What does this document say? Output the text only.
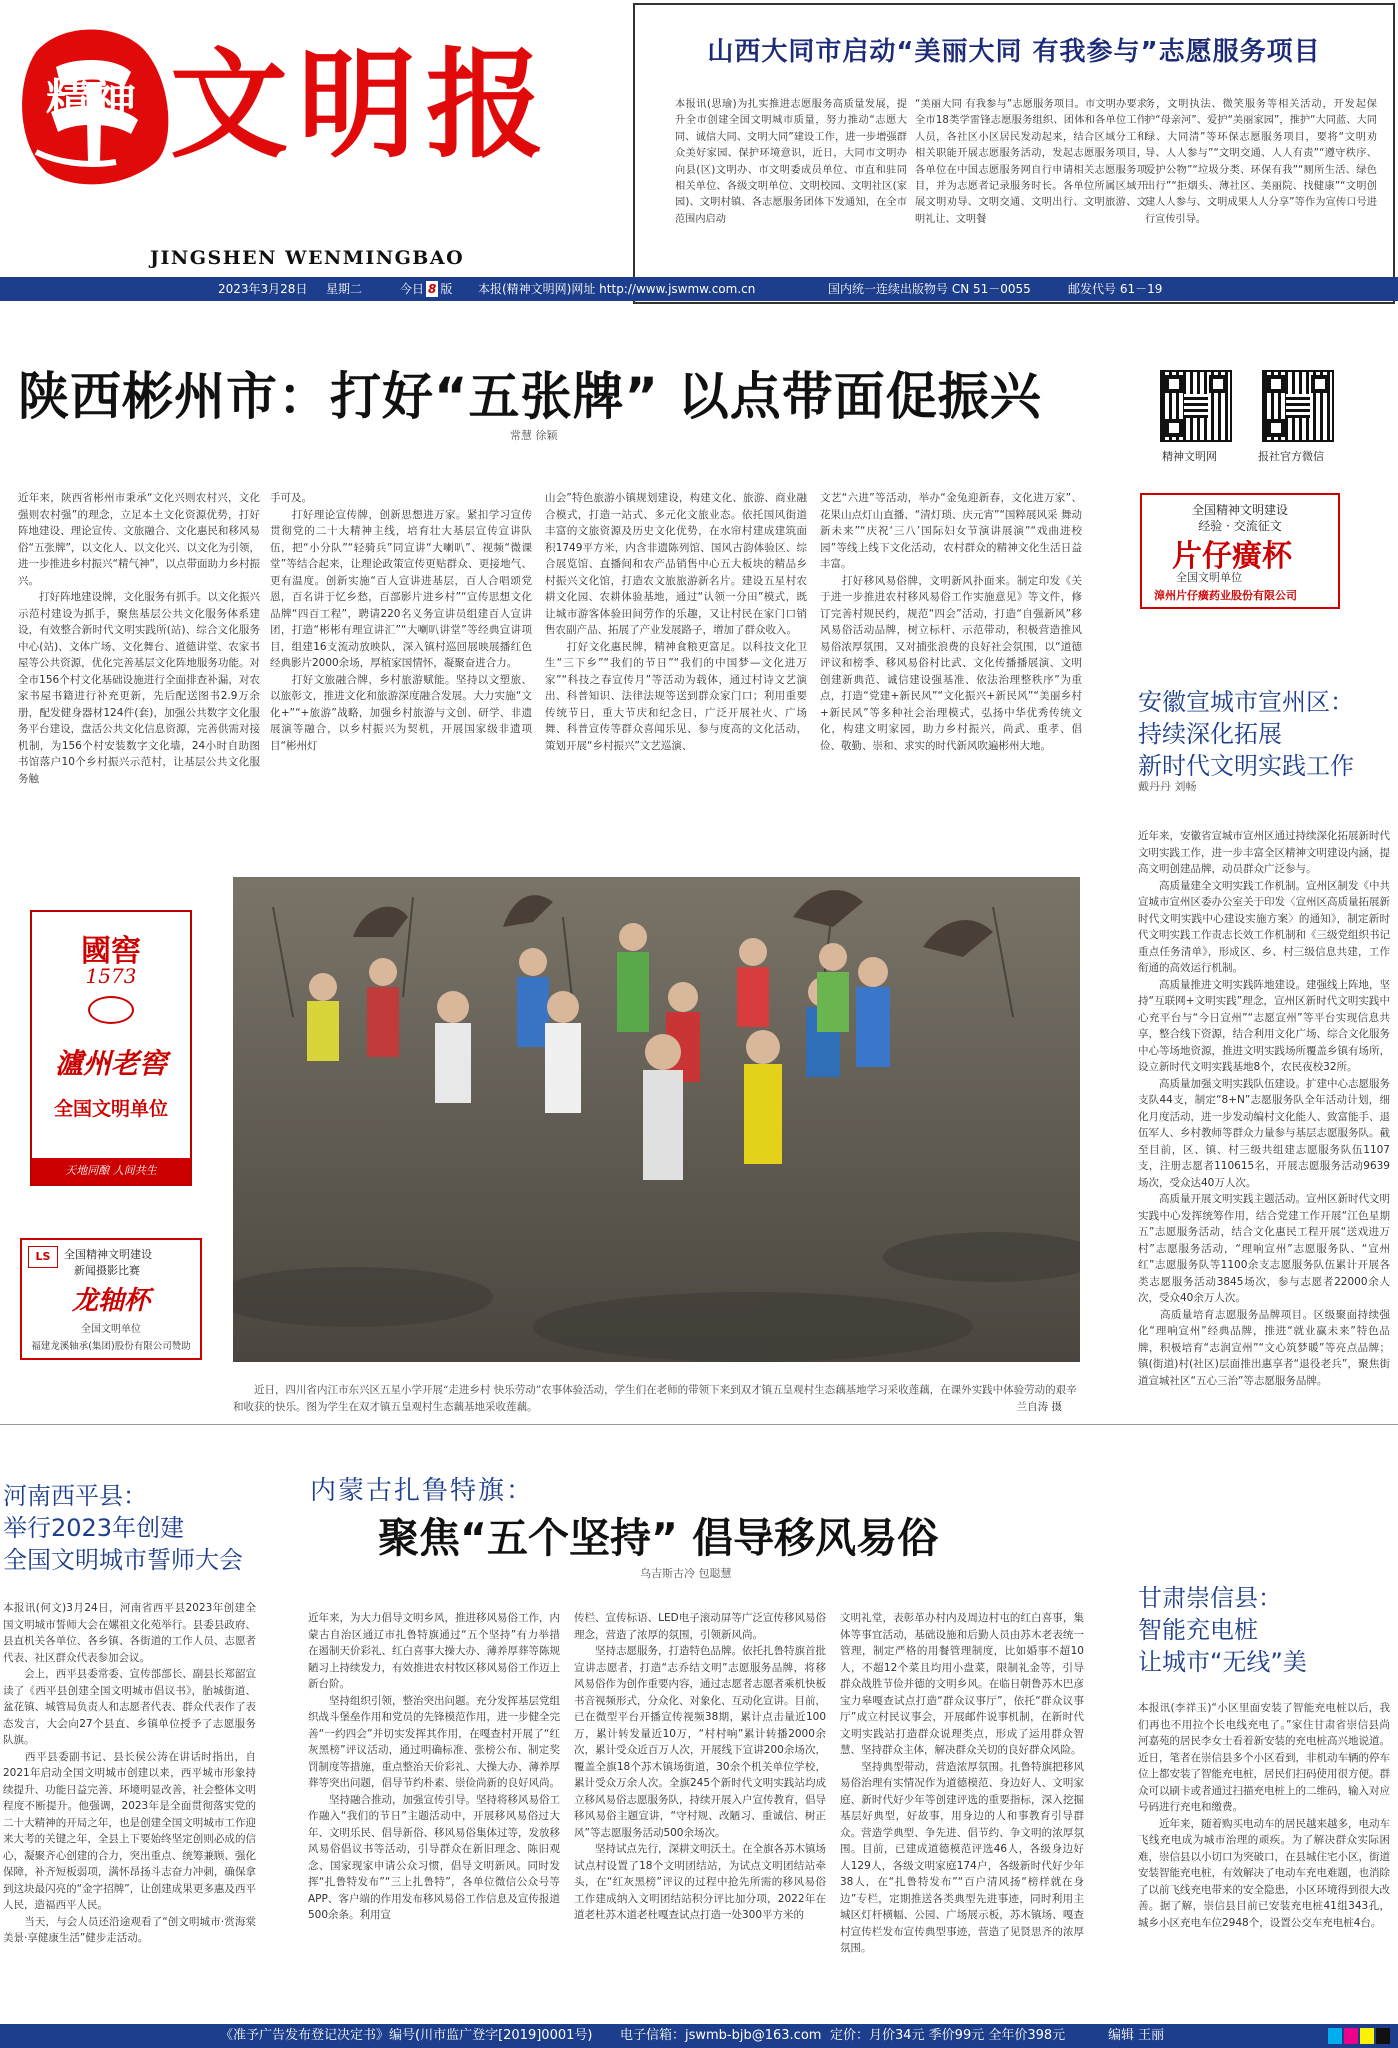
精神 文明报
JINGSHEN WENMINGBAO
山西大同市启动“美丽大同 有我参与”志愿服务项目
本报讯(思瑜)为扎实推进志愿服务高质量发展，提升全市创建全国文明城市质量，努力推动“志愿大同、诚信大同、文明大同”建设工作，进一步增强群众美好家园、保护环境意识，近日，大同市文明办向县(区)文明办、市文明委成员单位、市直和驻同相关单位、各级文明单位、文明校园、文明社区(家园)、文明村镇、各志愿服务团体下发通知，在全市范围内启动
“美丽大同 有我参与”志愿服务项目。市文明办要求全市18类学雷锋志愿服务组织、团体和各单位工作人员，各社区小区居民发动起来，结合区域分工和相关职能开展志愿服务活动，发起志愿服务项目，各单位在中国志愿服务网自行申请相关志愿服务项目，并为志愿者记录服务时长。各单位所属区域开展文明劝导、文明交通、文明出行、文明旅游、文明礼让、文明餐
务，文明执法、微笑服务等相关活动，开发起保护“母亲河”、爱护“美丽家园”，推护“大同蓝、大同绿、大同清”等环保志愿服务项目，要将“文明劝导、人人参与”“文明交通、人人有责”“遵守秩序、爱护公物”“垃圾分类、环保有我”“厕所生活、绿色出行”“拒烟头、薄社区、美丽院、找健康”“文明创建人人参与、文明成果人人分享”等作为宣传口号进行宣传引导。
2023年3月28日 星期二	今日 8 版 本报(精神文明网)网址 http://www.jswmw.com.cn	国内统一连续出版物号 CN 51－0055	邮发代号 61－19
陕西彬州市：打好“五张牌” 以点带面促振兴
常慧 徐颖
近年来，陕西省彬州市秉承“文化兴则农村兴，文化强则农村强”的理念，立足本土文化资源优势，打好阵地建设、理论宣传、文旅融合、文化惠民和移风易俗“五张牌”，以文化人、以文化兴、以文化为引领，进一步推进乡村振兴“精气神”，以点带面助力乡村振兴。
　　打好阵地建设牌，文化服务有抓手。以文化振兴示范村建设为抓手，聚焦基层公共文化服务体系建设，有效整合新时代文明实践所(站)、综合文化服务中心(站)、文体广场、文化舞台、道德讲堂、农家书屋等公共资源，优化完善基层文化阵地服务功能。对全市156个村文化基础设施进行全面排查补漏，对农家书屋书籍进行补充更新，先后配送图书2.9万余册，配发健身器材124件(套)，加强公共数字文化服务平台建设，盘活公共文化信息资源，完善供需对接机制，为156个村安装数字文化墙，24小时自助图书馆落户10个乡村振兴示范村，让基层公共文化服务触
手可及。
　　打好理论宣传牌，创新思想进万家。紧扣学习宣传贯彻党的二十大精神主线，培育壮大基层宣传宣讲队伍，把“小分队”“轻骑兵”同宣讲“大喇叭”、视频“微课堂”等结合起来，让理论政策宣传更贴群众、更接地气、更有温度。创新实施“百人宣讲进基层，百人合唱颂党恩，百名讲于忆乡愁，百部影片进乡村”“宣传思想文化品牌“四百工程”，聘请220名义务宣讲员组建百人宣讲团，打造“彬彬有理宣讲汇”“大喇叭讲堂”等经典宣讲项目，组建16支流动放映队，深入镇村巡回展映展播红色经典影片2000余场，厚植家国情怀，凝聚奋进合力。
　　打好文旅融合牌，乡村旅游赋能。坚持以文塑旅、以旅彰文，推进文化和旅游深度融合发展。大力实施“文化+”“+旅游”战略，加强乡村旅游与文创、研学、非遗展演等融合，以乡村振兴为契机，开展国家级非遗项目“彬州灯
山会”特色旅游小镇规划建设，构建文化、旅游、商业融合模式，打造一站式、多元化文旅业态。依托国风街道丰富的文旅资源及历史文化优势，在水帘村建成建筑面积1749平方米，内含非遗陈列馆、国风古韵体验区、综合展览馆、直播间和农产品销售中心五大板块的精品乡村振兴文化馆，打造农文旅旅游新名片。建设五星村农耕文化园、农耕体验基地，通过“认领一分田”模式，既让城市游客体验田间劳作的乐趣，又让村民在家门口销售农副产品、拓展了产业发展路子，增加了群众收入。
　　打好文化惠民牌，精神食粮更富足。以科技文化卫生“三下乡”“我们的节日”“我们的中国梦—文化进万家”“科技之春宣传月”等活动为载体，通过村诗文艺演出、科普知识、法律法规等送到群众家门口；利用重要传统节日，重大节庆和纪念日，广泛开展社火、广场舞、科普宣传等群众喜闻乐见、参与度高的文化活动，策划开展“乡村振兴”文艺巡演、
文艺“六进”等活动，举办“金兔迎新春，文化进万家”、花果山点灯山直播、“清灯琐、庆元宵”“国粹展风采 舞动新未来”“庆祝‘三八’国际妇女节演讲展演”“戏曲进校园”等线上线下文化活动，农村群众的精神文化生活日益丰富。
　　打好移风易俗牌，文明新风扑面来。制定印发《关于进一步推进农村移风易俗工作实施意见》等文件，修订完善村规民约，规范“四会”活动，打造“自强新风”移风易俗活动品牌，树立标杆、示范带动，积极营造推风易俗浓厚氛围，又对捕张浪费的良好社会氛围，以“道德评议和榜季、移风易俗村比武、文化传播播展演、文明创建新典范、诚信建设强基准、依法治理整秩序”为重点，打造“党建+新民风”“文化振兴+新民风”“美丽乡村+新民风”等多种社会治理模式，弘扬中华优秀传统文化，构建文明家园，助力乡村振兴，尚武、重孝、倡俭、敬勤、崇和、求实的时代新风吹遍彬州大地。
精神文明网	报社官方微信
全国精神文明建设
经验 · 交流征文
片仔癀杯
全国文明单位
漳州片仔癀药业股份有限公司
安徽宣城市宣州区：
持续深化拓展
新时代文明实践工作
戴丹丹 刘畅
近年来，安徽省宣城市宣州区通过持续深化拓展新时代文明实践工作，进一步丰富全区精神文明建设内涵，提高文明创建品牌，动员群众广泛参与。
　　高质量建全文明实践工作机制。宣州区制发《中共宣城市宣州区委办公室关于印发〈宣州区高质量拓展新时代文明实践中心建设实施方案〉的通知》，制定新时代文明实践工作责志长效工作机制和《三级党组织书记重点任务清单》，形成区、乡、村三级信息共建，工作衔通的高效运行机制。
　　高质量推进文明实践阵地建设。建强线上阵地，坚持“互联网+文明实践”理念，宣州区新时代文明实践中心充平台与“今日宣州”“志愿宣州”等平台实现信息共享，整合线下资源，结合利用文化广场、综合文化服务中心等场地资源，推进文明实践场所覆盖乡镇有场所，设立新时代文明实践基地8个，农民夜校32所。
　　高质量加强文明实践队伍建设。扩建中心志愿服务支队44支，制定“8+N”志愿服务队全年活动计划，细化月度活动，进一步发动编村文化能人、致富能手、退伍军人、乡村教师等群众力量参与基层志愿服务队。截至目前，区、镇、村三级共组建志愿服务队伍1107支，注册志愿者110615名，开展志愿服务活动9639场次，受众达40万人次。
　　高质量开展文明实践主题活动。宣州区新时代文明实践中心发挥统筹作用，结合党建工作开展“江色星期五”志愿服务活动，结合文化惠民工程开展“送戏进万村”志愿服务活动，“理响宣州”志愿服务队、“宣州红”志愿服务队等1100余支志愿服务队伍累计开展各类志愿服务活动3845场次，参与志愿者22000余人次，受众40余万人次。
　　高质量培育志愿服务品牌项目。区级聚面持续强化“理响宣州”经典品牌，推进“就业赢未来”特色品牌，积极培育“志润宣州”“文心筑梦暖”等亮点品牌；镇(街道)村(社区)层面推出惠享者“退役老兵”，聚焦街道宣城社区“五心三治”等志愿服务品牌。
國窖
1573
瀘州老窖
全国文明单位
天地同酿 人间共生
LS	全国精神文明建设
新闻摄影比赛
龙轴杯
全国文明单位
福建龙溪轴承(集团)股份有限公司赞助
　　近日，四川省内江市东兴区五星小学开展“走进乡村 快乐劳动”农事体验活动，学生们在老师的带领下来到双才镇五皇观村生态藕基地学习采收莲藕，在课外实践中体验劳动的艰辛和收获的快乐。图为学生在双才镇五皇观村生态藕基地采收莲藕。	兰自涛 摄
河南西平县：
举行2023年创建
全国文明城市誓师大会
本报讯(何文)3月24日，河南省西平县2023年创建全国文明城市誓师大会在嫘祖文化苑举行。县委县政府、县直机关各单位、各乡镇、各街道的工作人员、志愿者代表、社区群众代表参加会议。
　　会上，西平县委常委、宣传部部长、副县长郑韶宣读了《西平县创建全国文明城市倡议书》，胎城街道、盆花镇、城管局负责人和志愿者代表、群众代表作了表态发言，大会向27个县直、乡镇单位授予了志愿服务队旗。
　　西平县委副书记、县长侯公涛在讲话时指出，自2021年启动全国文明城市创建以来，西平城市形象持续提升、功能日益完善、环境明显改善，社会整体文明程度不断提升。他强调，2023年是全面贯彻落实党的二十大精神的开局之年，也是创建全国文明城市工作迎来大考的关键之年，全县上下要始终坚定创则必成的信心，凝聚齐心创建的合力，突出重点、统筹兼顾、强化保障，补齐短板弱项，满怀昂扬斗志奋力冲刺，确保拿到这块最闪亮的“金字招牌”，让创建成果更多惠及西平人民，造福西平人民。
　　当天，与会人员还沿途观看了“创文明城市·赏海棠美景·享健康生活”健步走活动。
内蒙古扎鲁特旗：
聚焦“五个坚持” 倡导移风易俗
乌吉斯古冷 包聪慧
近年来，为大力倡导文明乡风，推进移风易俗工作，内蒙古自治区通辽市扎鲁特旗通过“五个坚持”有力举措在遏制天价彩礼、红白喜事大操大办、薄养厚葬等陈规陋习上持续发力，有效推进农村牧区移风易俗工作迈上新台阶。
　　坚持组织引领，整治突出问题。充分发挥基层党组织战斗堡垒作用和党员的先锋模范作用，进一步健全完善“一约四会”并切实发挥其作用，在嘎查村开展了“红灰黑榜”评议活动，通过明确标准、张榜公布、制定奖罚制度等措施，重点整治天价彩礼、大操大办、薄养厚葬等突出问题，倡导节约朴素、崇俭尚新的良好风尚。
　　坚持融合推动，加强宣传引导。坚持将移风易俗工作融入“我们的节日”主题活动中，开展移风易俗过大年、文明乐民、倡导新俗、移风易俗集体过等，发放移风易俗倡议书等活动，引导群众在新旧理念、陈旧观念、国家现家申请公众习惯，倡导文明新风。同时发挥“扎鲁特发布”“三上扎鲁特”，各单位微信公众号等APP、客户端的作用发布移风易俗工作信息及宣传报道500余条。利用宣
传栏、宣传标语、LED电子滚动屏等广泛宣传移风易俗理念，营造了浓厚的氛围，引领新风尚。
　　坚持志愿服务，打造特色品牌。依托扎鲁特旗首批宣讲志愿者，打造“志乔结文明”志愿服务品牌，将移风易俗作为创作重要内容，通过志愿者志愿者乘机快板书音视频形式，分众化、对象化、互动化宣讲。目前，已在微型平台开播宣传视频38期，累计点击量近100万，累计转发量近10万，“村村响”累计转播2000余次，累计受众近百万人次，开展线下宣讲200余场次，覆盖全旗18个苏木镇场街道，30余个机关单位学校，累计受众万余人次。全旗245个新时代文明实践站均成立移风易俗志愿服务队，持续开展入户宣传教育，倡导移风易俗主题宣讲，“守村规、改陋习、重诚信、树正风”等志愿服务活动500余场次。
　　坚持试点先行，深耕文明沃土。在全旗各苏木镇场试点村设置了18个文明团结站，为试点文明团结站牵头，在“红灰黑榜”评议的过程中抢先所需的移风易俗工作建成纳入文明团结站积分评比加分项，2022年在道老杜苏木道老杜嘎查试点打造一处300平方米的
文明礼堂，表彰革办村内及周边村屯的红白喜事，集体等事宜活动，基础设施和后勤人员由苏木老表统一管理，制定严格的用餐管理制度，比如婚事不超10人，不超12个菜且均用小盘菜，限制礼金等，引导群众战胜节俭并德的文明乡风。在临日朝鲁苏木巴彦宝力皋嘎查试点打造“群众议事厅”，依托“群众议事厅”成立村民议事会，开展邮件说事机制，在新时代文明实践站打造群众说理类点，形成了运用群众智慧、坚持群众主体，解决群众关切的良好群众风险。
　　坚持典型带动，营造浓厚氛围。扎鲁特旗把移风易俗治理有实情况作为道德模范、身边好人、文明家庭、新时代好少年等创建评选的重要指标，深入挖掘基层好典型，好故事，用身边的人和事教育引导群众。营造学典型、争先进、倡节约、争文明的浓厚氛围。目前，已建成道德模范评选46人，各级身边好人129人，各级文明家庭174户，各级新时代好少年38人，在“扎鲁特发布”“百户清风扬“榜样就在身边”专栏，定期推送各类典型先进事迹，同时利用主城区灯杆横幅、公园、广场展示板，苏木镇场、嘎查村宣传栏发布宣传典型事迹，营造了见贤思齐的浓厚氛围。
甘肃崇信县：
智能充电桩
让城市“无线”美
本报讯(李祥玉)“小区里面安装了智能充电桩以后，我们再也不用拉个长电线充电了。”家住甘肃省崇信县尚河嘉苑的居民李女士看着新安装的充电桩高兴地说道。近日，笔者在崇信县多个小区看到，非机动车辆的停车位上都安装了智能充电桩，居民们扫码使用很方便。群众可以刷卡或者通过扫描充电桩上的二维码，输入对应号码进行充电和缴费。
　　近年来，随着购买电动车的居民越来越多，电动车飞线充电成为城市治理的顽疾。为了解决群众实际困难，崇信县以小切口为突破口，在县城住宅小区，街道安装智能充电桩，有效解决了电动车充电难题，也消除了以前飞线充电带来的安全隐患，小区环境得到很大改善。据了解，崇信县目前已安装充电桩41组343孔，城乡小区充电车位2948个，设置公交车充电桩4台。
《准予广告发布登记决定书》编号(川市监广登字[2019]0001号) 电子信箱：jswmb-bjb@163.com 定价：月价34元 季价99元 全年价398元	编辑 王丽
